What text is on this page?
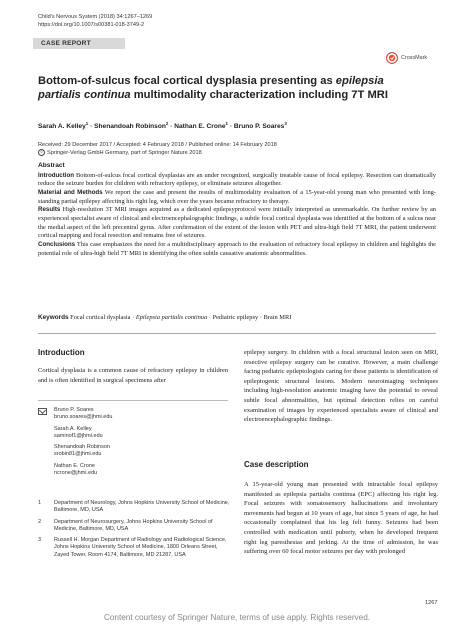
Child's Nervous System (2018) 34:1267–1269
https://doi.org/10.1007/s00381-018-3749-2
CASE REPORT
CrossMark
Bottom-of-sulcus focal cortical dysplasia presenting as epilepsia partialis continua multimodality characterization including 7T MRI
Sarah A. Kelley$^1$ · Shenandoah Robinson$^2$ · Nathan E. Crone$^1$ · Bruno P. Soares$^3$
Received: 29 December 2017 / Accepted: 4 February 2018 / Published online: 14 February 2018
© Springer-Verlag GmbH Germany, part of Springer Nature 2018
Abstract

Introduction Bottom-of-sulcus focal cortical dysplasias are an under recognized, surgically treatable cause of focal epilepsy. Resection can dramatically reduce the seizure burden for children with refractory epilepsy, or eliminate seizures altogether.

Material and Methods We report the case and present the results of multimodality evaluation of a 15-year-old young man who presented with long-standing partial epilepsy affecting his right leg, which over the years became refractory to therapy.

Results High-resolution 3T MRI images acquired as a dedicated epilepsyprotocol were initially interpreted as unremarkable. On further review by an experienced specialist aware of clinical and electroencephalographic findings, a subtle focal cortical dysplasia was identified at the bottom of a sulcus near the medial aspect of the left precentral gyrus. After confirmation of the extent of the lesion with PET and ultra-high field 7T MRI, the patient underwent cortical mapping and focal resection and remains free of seizures.

Conclusions This case emphasizes the need for a multidisciplinary approach to the evaluation of refractory focal epilepsy in children and highlights the potential role of ultra-high field 7T MRI in identifying the often subtle causative anatomic abnormalities.

Keywords Focal cortical dysplasia · Epilepsia partialis continua · Pediatric epilepsy · Brain MRI
Introduction
Cortical dysplasia is a common cause of refractory epilepsy in children and is often identified in surgical specimens after
Bruno P. Soares
bruno.soares@jhmi.edu
Sarah A. Kelley
saminof1@jhmi.edu
Shenandoah Robinson
srobin81@jhmi.edu
Nathan E. Crone
ncrone@jhmi.edu
1	Department of Neurology, Johns Hopkins University School of Medicine, Baltimore, MD, USA
2	Department of Neurosurgery, Johns Hopkins University School of Medicine, Baltimore, MD, USA
3	Russell H. Morgan Department of Radiology and Radiological Science, Johns Hopkins University School of Medicine, 1800 Orleans Street, Zayed Tower, Room 4174, Baltimore, MD 21287, USA
epilepsy surgery. In children with a focal structural lesion seen on MRI, resective epilepsy surgery can be curative. However, a main challenge facing pediatric epileptologists caring for these patients is identification of epileptogenic structural lesions. Modern neuroimaging techniques including high-resolution anatomic imaging have the potential to reveal subtle focal abnormalities, but optimal detection relies on careful examination of images by experienced specialists aware of clinical and electroencephalographic findings.
Case description
A 15-year-old young man presented with intractable focal epilepsy manifested as epilepsia partialis continua (EPC) affecting his right leg. Focal seizures with somatosensory hallucinations and involuntary movements had begun at 10 years of age, but since 5 years of age, he had occasionally complained that his leg felt funny. Seizures had been controlled with medication until puberty, when he developed frequent right leg paresthesias and jerking. At the time of admission, he was suffering over 60 focal motor seizures per day with prolonged
1267
Content courtesy of Springer Nature, terms of use apply. Rights reserved.
